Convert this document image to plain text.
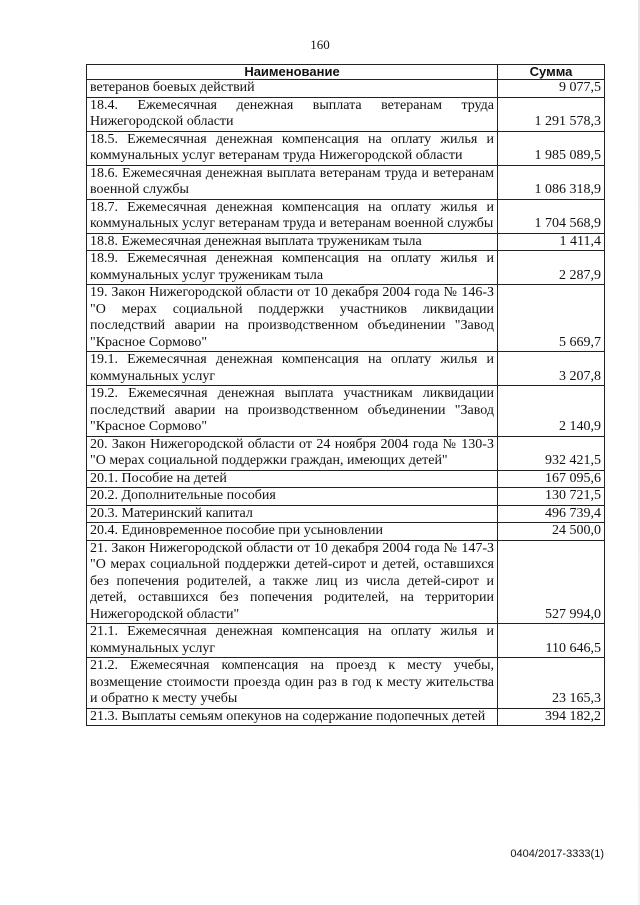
160
Наименование	Сумма
ветеранов боевых действий	9 077,5
18.4. Ежемесячная денежная выплата ветеранам труда Нижегородской области	1 291 578,3
18.5. Ежемесячная денежная компенсация на оплату жилья и коммунальных услуг ветеранам труда Нижегородской области	1 985 089,5
18.6. Ежемесячная денежная выплата ветеранам труда и ветеранам военной службы	1 086 318,9
18.7. Ежемесячная денежная компенсация на оплату жилья и коммунальных услуг ветеранам труда и ветеранам военной службы	1 704 568,9
18.8. Ежемесячная денежная выплата труженикам тыла	1 411,4
18.9. Ежемесячная денежная компенсация на оплату жилья и коммунальных услуг труженикам тыла	2 287,9
19. Закон Нижегородской области от 10 декабря 2004 года № 146-З "О мерах социальной поддержки участников ликвидации последствий аварии на производственном объединении "Завод "Красное Сормово"	5 669,7
19.1. Ежемесячная денежная компенсация на оплату жилья и коммунальных услуг	3 207,8
19.2. Ежемесячная денежная выплата участникам ликвидации последствий аварии на производственном объединении "Завод "Красное Сормово"	2 140,9
20. Закон Нижегородской области от 24 ноября 2004 года № 130-З "О мерах социальной поддержки граждан, имеющих детей"	932 421,5
20.1. Пособие на детей	167 095,6
20.2. Дополнительные пособия	130 721,5
20.3. Материнский капитал	496 739,4
20.4. Единовременное пособие при усыновлении	24 500,0
21. Закон Нижегородской области от 10 декабря 2004 года № 147-З "О мерах социальной поддержки детей-сирот и детей, оставшихся без попечения родителей, а также лиц из числа детей-сирот и детей, оставшихся без попечения родителей, на территории Нижегородской области"	527 994,0
21.1. Ежемесячная денежная компенсация на оплату жилья и коммунальных услуг	110 646,5
21.2. Ежемесячная компенсация на проезд к месту учебы, возмещение стоимости проезда один раз в год к месту жительства и обратно к месту учебы	23 165,3
21.3. Выплаты семьям опекунов на содержание подопечных детей	394 182,2
0404/2017-3333(1)
